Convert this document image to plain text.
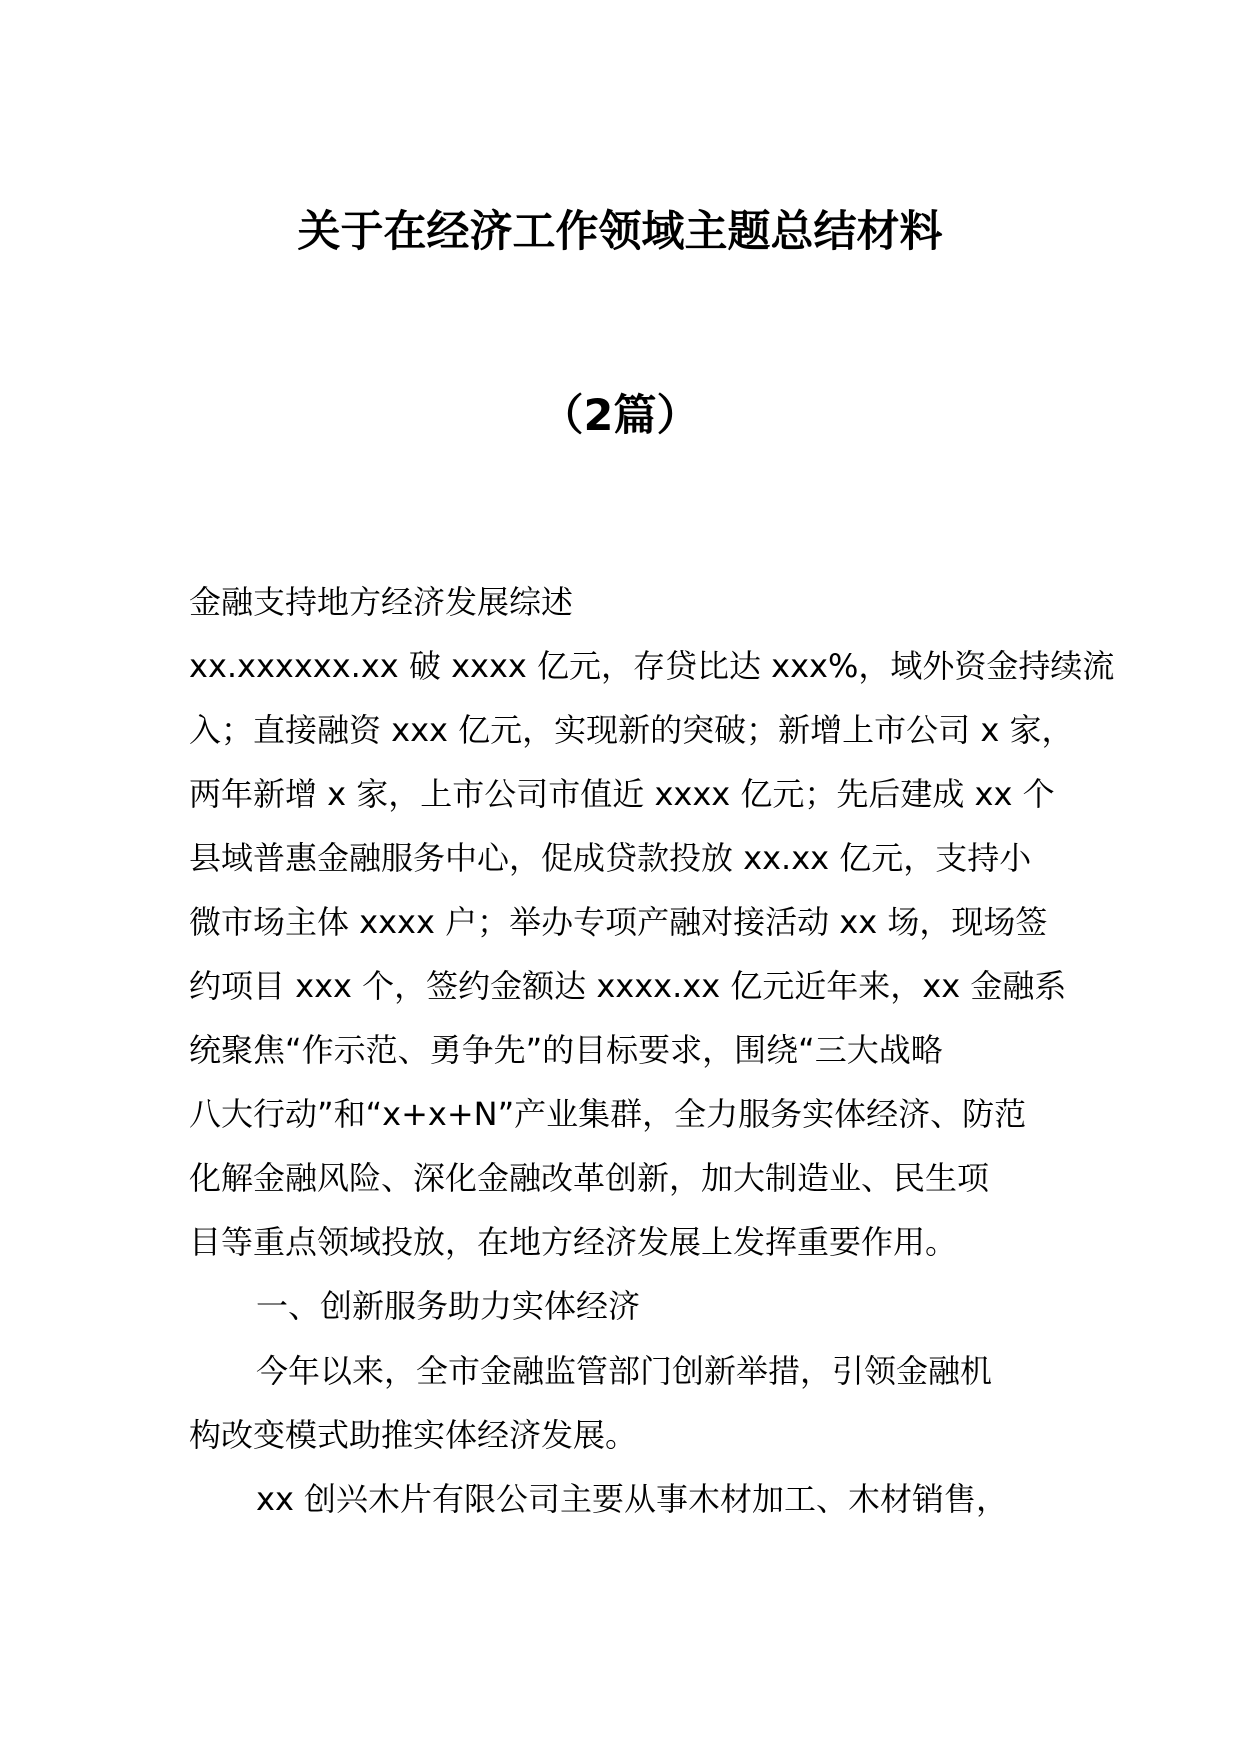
关于在经济工作领域主题总结材料
（2篇）
金融支持地方经济发展综述
xx.xxxxxx.xx 破 xxxx 亿元，存贷比达 xxx%，域外资金持续流
入；直接融资 xxx 亿元，实现新的突破；新增上市公司 x 家，
两年新增 x 家，上市公司市值近 xxxx 亿元；先后建成 xx 个
县域普惠金融服务中心，促成贷款投放 xx.xx 亿元，支持小
微市场主体 xxxx 户；举办专项产融对接活动 xx 场，现场签
约项目 xxx 个，签约金额达 xxxx.xx 亿元近年来，xx 金融系
统聚焦“作示范、勇争先”的目标要求，围绕“三大战略
八大行动”和“x+x+N”产业集群，全力服务实体经济、防范
化解金融风险、深化金融改革创新，加大制造业、民生项
目等重点领域投放，在地方经济发展上发挥重要作用。
一、创新服务助力实体经济
今年以来，全市金融监管部门创新举措，引领金融机
构改变模式助推实体经济发展。
xx 创兴木片有限公司主要从事木材加工、木材销售，
